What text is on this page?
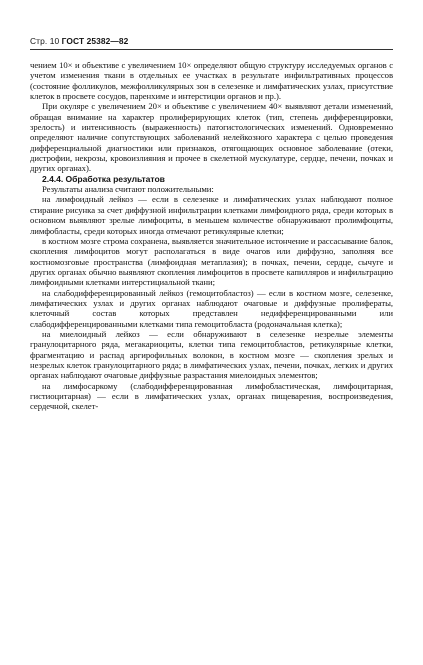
Стр. 10 ГОСТ 25382—82

чением 10× и объективе с увеличением 10× определяют общую структуру исследуемых органов с учетом изменения ткани в отдельных ее участках в результате инфильтративных процессов (состояние фолликулов, межфолликулярных зон в селезенке и лимфатических узлах, присутствие клеток в просвете сосудов, паренхиме и интерстиции органов и пр.).

При окуляре с увеличением 20× и объективе с увеличением 40× выявляют детали изменений, обращая внимание на характер пролиферирующих клеток (тип, степень дифференцировки, зрелость) и интенсивность (выраженность) патогистологических изменений. Одновременно определяют наличие сопутствующих заболеваний нелейкозного характера с целью проведения дифференциальной диагностики или признаков, отягощающих основное заболевание (отеки, дистрофии, некрозы, кровоизлияния и прочее в скелетной мускулатуре, сердце, печени, почках и других органах).

2.4.4. Обработка результатов

Результаты анализа считают положительными:

на лимфоидный лейкоз — если в селезенке и лимфатических узлах наблюдают полное стирание рисунка за счет диффузной инфильтрации клетками лимфоидного ряда, среди которых в основном выявляют зрелые лимфоциты, в меньшем количестве обнаруживают пролимфоциты, лимфобласты, среди которых иногда отмечают ретикулярные клетки;

в костном мозге строма сохранена, выявляется значительное истончение и рассасывание балок, скопления лимфоцитов могут располагаться в виде очагов или диффузно, заполняя все костномозговые пространства (лимфоидная метаплазия); в почках, печени, сердце, сычуге и других органах обычно выявляют скопления лимфоцитов в просвете капилляров и инфильтрацию лимфоидными клетками интерстициальной ткани;

на слабодифференцированный лейкоз (гемоцитобластоз) — если в костном мозге, селезенке, лимфатических узлах и других органах наблюдают очаговые и диффузные пролифераты, клеточный состав которых представлен недифференцированными или слабодифференцированными клетками типа гемоцитобласта (родоначальная клетка);

на миелоидный лейкоз — если обнаруживают в селезенке незрелые элементы гранулоцитарного ряда, мегакариоциты, клетки типа гемоцитобластов, ретикулярные клетки, фрагментацию и распад аргирофильных волокон, в костном мозге — скопления зрелых и незрелых клеток гранулоцитарного ряда; в лимфатических узлах, печени, почках, легких и других органах наблюдают очаговые диффузные разрастания миелоидных элементов;

на лимфосаркому (слабодифференцированная лимфобластическая, лимфоцитарная, гистиоцитарная) — если в лимфатических узлах, органах пищеварения, воспроизведения, сердечной, скелет-
